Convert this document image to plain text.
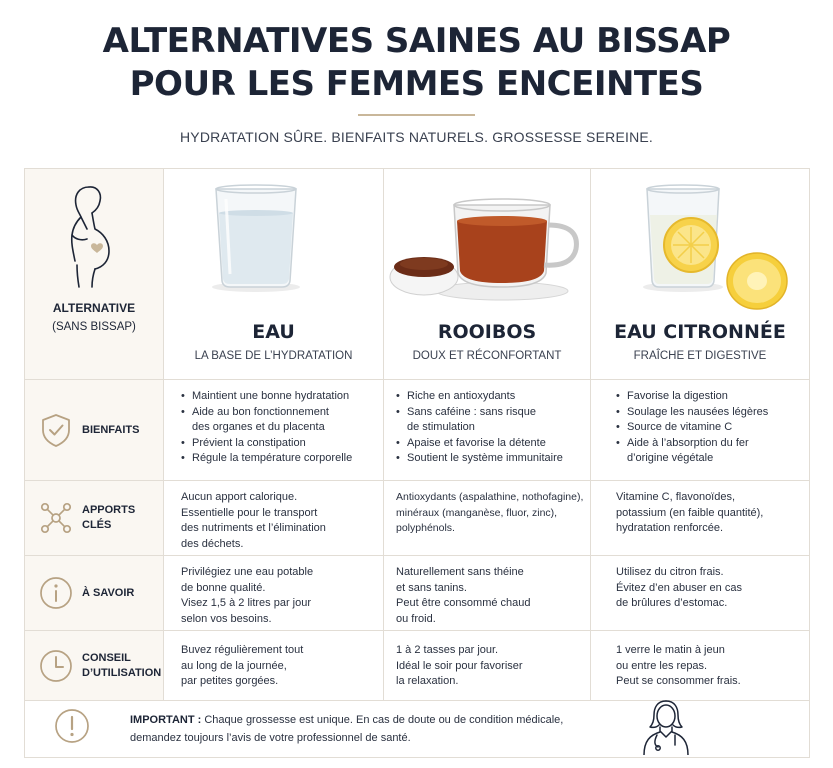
ALTERNATIVES SAINES AU BISSAP
POUR LES FEMMES ENCEINTES
HYDRATATION SÛRE. BIENFAITS NATURELS. GROSSESSE SEREINE.
ALTERNATIVE
(SANS BISSAP)	EAU
LA BASE DE L’HYDRATATION
ROOIBOS
DOUX ET RÉCONFORTANT
EAU CITRONNÉE
FRAÎCHE ET DIGESTIVE
BIENFAITS
APPORTS CLÉS
À SAVOIR
CONSEIL
D’UTILISATION
• Maintient une bonne hydratation
• Aide au bon fonctionnement
des organes et du placenta
• Prévient la constipation
• Régule la température corporelle
• Riche en antioxydants
• Sans caféine : sans risque
de stimulation
• Apaise et favorise la détente
• Soutient le système immunitaire
• Favorise la digestion
• Soulage les nausées légères
• Source de vitamine C
• Aide à l’absorption du fer
d’origine végétale
Aucun apport calorique.
Essentielle pour le transport
des nutriments et l’élimination
des déchets.
Antioxydants (aspalathine, nothofagine),
minéraux (manganèse, fluor, zinc),
polyphénols.
Vitamine C, flavonoïdes,
potassium (en faible quantité),
hydratation renforcée.
Privilégiez une eau potable
de bonne qualité.
Visez 1,5 à 2 litres par jour
selon vos besoins.
Naturellement sans théine
et sans tanins.
Peut être consommé chaud
ou froid.
Utilisez du citron frais.
Évitez d’en abuser en cas
de brûlures d’estomac.
Buvez régulièrement tout
au long de la journée,
par petites gorgées.
1 à 2 tasses par jour.
Idéal le soir pour favoriser
la relaxation.
1 verre le matin à jeun
ou entre les repas.
Peut se consommer frais.
IMPORTANT : Chaque grossesse est unique. En cas de doute ou de condition médicale, demandez toujours l’avis de votre professionnel de santé.
